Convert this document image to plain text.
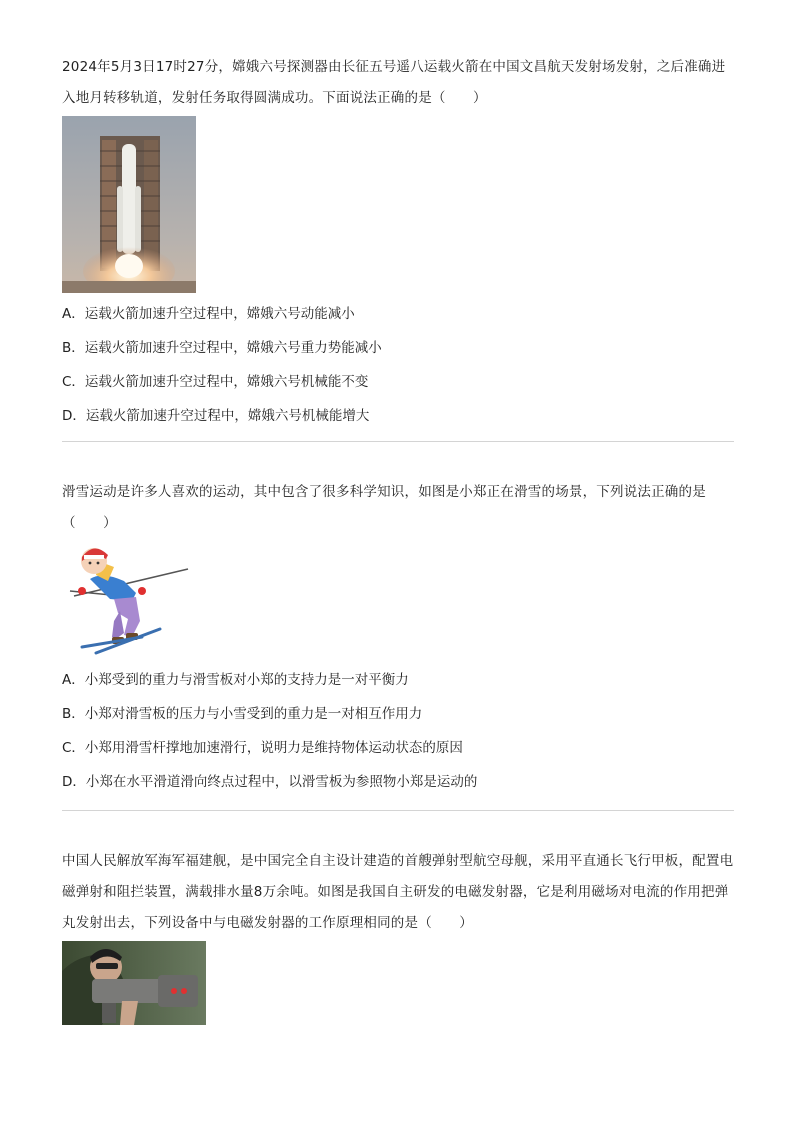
2024年5月3日17时27分，嫦娥六号探测器由长征五号遥八运载火箭在中国文昌航天发射场发射，之后准确进入地月转移轨道，发射任务取得圆满成功。下面说法正确的是（　　）

A．运载火箭加速升空过程中，嫦娥六号动能减小

B．运载火箭加速升空过程中，嫦娥六号重力势能减小

C．运载火箭加速升空过程中，嫦娥六号机械能不变

D．运载火箭加速升空过程中，嫦娥六号机械能增大

滑雪运动是许多人喜欢的运动，其中包含了很多科学知识，如图是小郑正在滑雪的场景，下列说法正确的是（　　）

A．小郑受到的重力与滑雪板对小郑的支持力是一对平衡力

B．小郑对滑雪板的压力与小雪受到的重力是一对相互作用力

C．小郑用滑雪杆撑地加速滑行，说明力是维持物体运动状态的原因

D．小郑在水平滑道滑向终点过程中，以滑雪板为参照物小郑是运动的

中国人民解放军海军福建舰，是中国完全自主设计建造的首艘弹射型航空母舰，采用平直通长飞行甲板，配置电磁弹射和阻拦装置，满载排水量8万余吨。如图是我国自主研发的电磁发射器，它是利用磁场对电流的作用把弹丸发射出去，下列设备中与电磁发射器的工作原理相同的是（　　）
